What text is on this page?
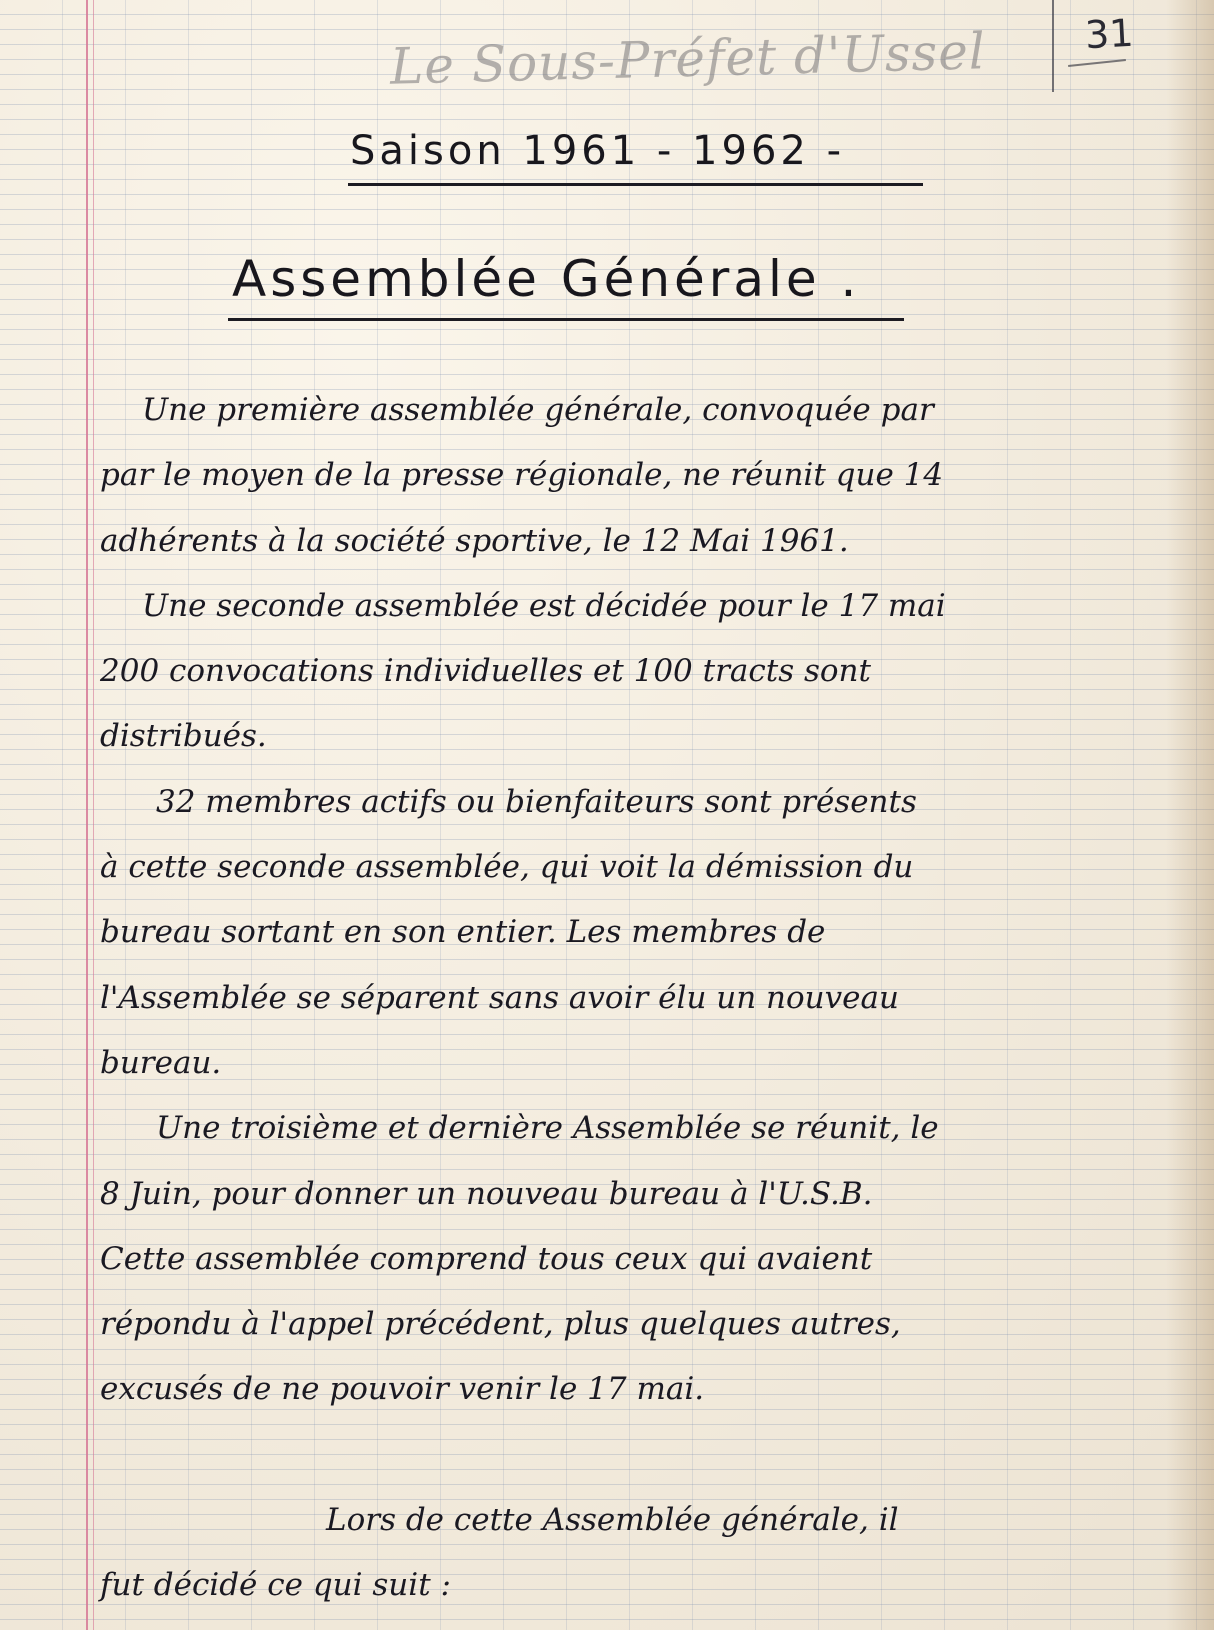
Le Sous-Préfet d'Ussel	31
Saison 1961 - 1962 -
Assemblée Générale .
Une première assemblée générale, convoquée par
par le moyen de la presse régionale, ne réunit que 14
adhérents à la société sportive, le 12 Mai 1961.
Une seconde assemblée est décidée pour le 17 mai
200 convocations individuelles et 100 tracts sont
distribués.
32 membres actifs ou bienfaiteurs sont présents
à cette seconde assemblée, qui voit la démission du
bureau sortant en son entier. Les membres de
l'Assemblée se séparent sans avoir élu un nouveau
bureau.
Une troisième et dernière Assemblée se réunit, le
8 Juin, pour donner un nouveau bureau à l'U.S.B.
Cette assemblée comprend tous ceux qui avaient
répondu à l'appel précédent, plus quelques autres,
excusés de ne pouvoir venir le 17 mai.
Lors de cette Assemblée générale, il
fut décidé ce qui suit :
